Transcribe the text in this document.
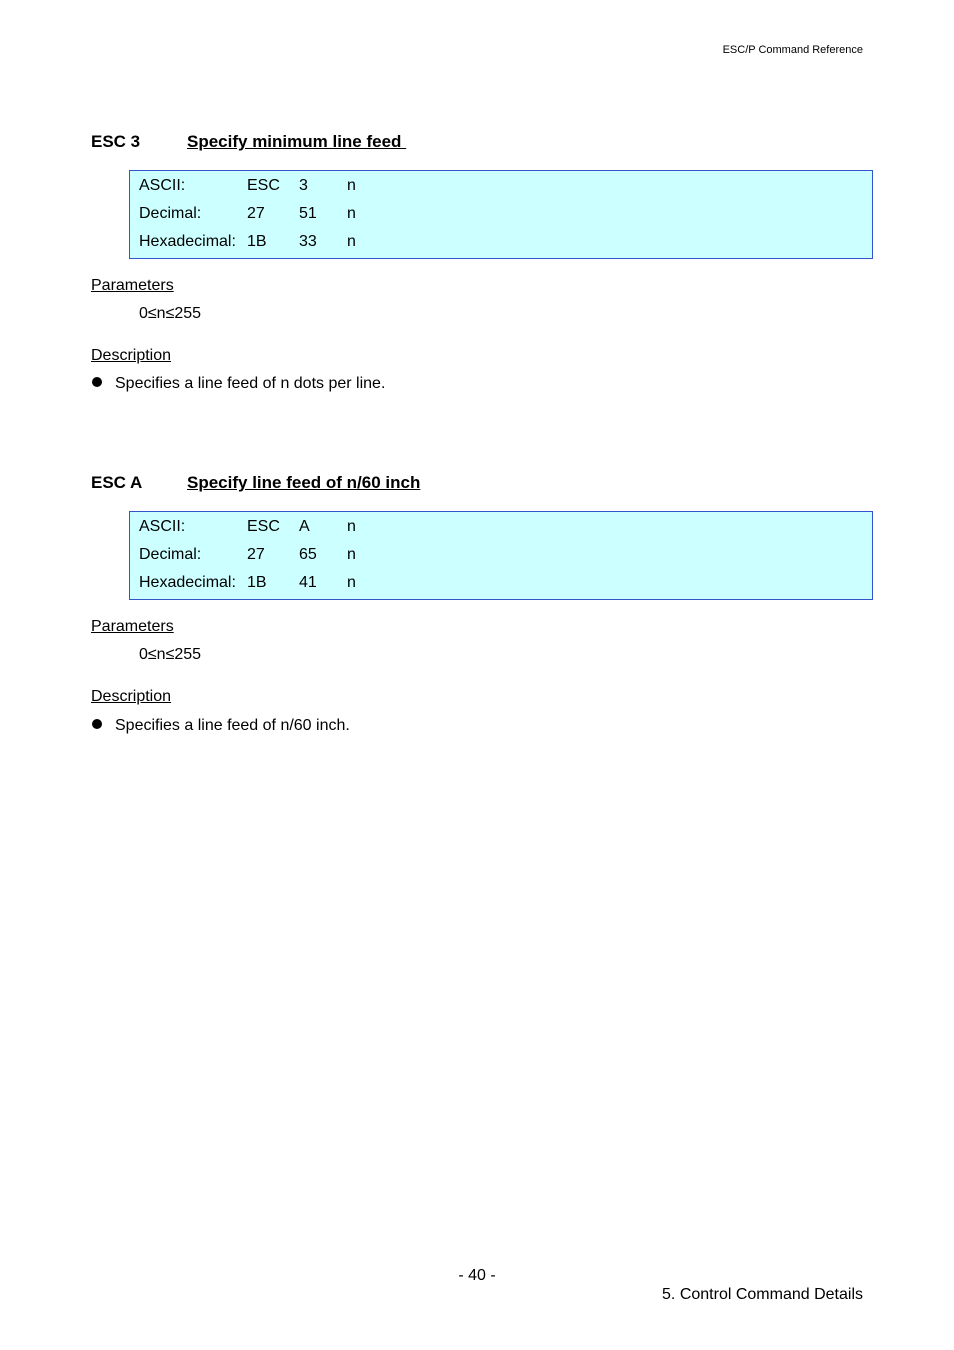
ESC/P Command Reference
ESC 3	Specify minimum line feed
ASCII:	ESC 3 n
Decimal:	27 51 n
Hexadecimal: 1B 33 n
Parameters
0≤n≤255
Description
Specifies a line feed of n dots per line.
ESC A	Specify line feed of n/60 inch
ASCII:	ESC A n
Decimal:	27 65 n
Hexadecimal: 1B 41 n
Parameters
0≤n≤255
Description
Specifies a line feed of n/60 inch.
- 40 -
5. Control Command Details
